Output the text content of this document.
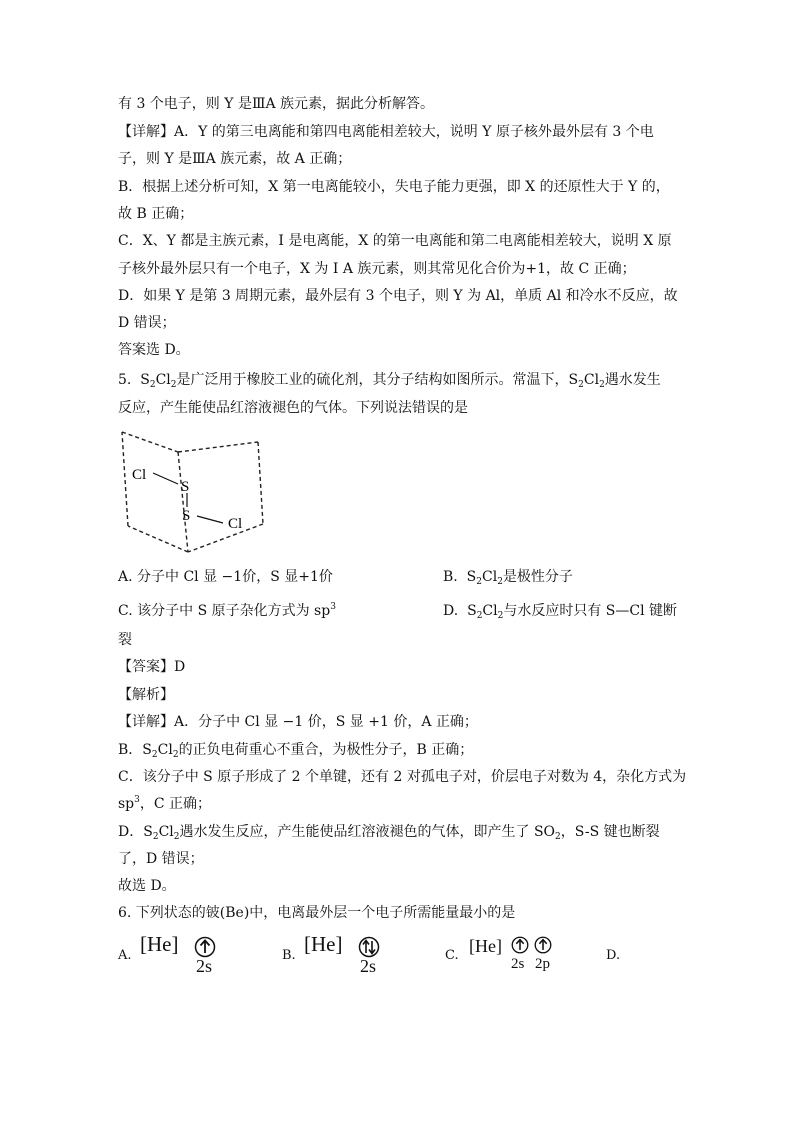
有 3 个电子，则 Y 是ⅢA 族元素，据此分析解答。
【详解】A．Y 的第三电离能和第四电离能相差较大，说明 Y 原子核外最外层有 3 个电
子，则 Y 是ⅢA 族元素，故 A 正确；
B．根据上述分析可知，X 第一电离能较小，失电子能力更强，即 X 的还原性大于 Y 的，
故 B 正确；
C．X、Y 都是主族元素，I 是电离能，X 的第一电离能和第二电离能相差较大，说明 X 原
子核外最外层只有一个电子，X 为 I A 族元素，则其常见化合价为+1，故 C 正确；
D．如果 Y 是第 3 周期元素，最外层有 3 个电子，则 Y 为 Al，单质 Al 和冷水不反应，故
D 错误；
答案选 D。
5. $S_2Cl_2$是广泛用于橡胶工业的硫化剂，其分子结构如图所示。常温下，$S_2Cl_2$遇水发生
反应，产生能使品红溶液褪色的气体。下列说法错误的是
Cl
S
S	Cl
A. 分子中 Cl 显 −1价，S 显+1价	B. $S_2Cl_2$是极性分子
C. 该分子中 S 原子杂化方式为 $sp^3$	D. $S_2Cl_2$与水反应时只有 S—Cl 键断
裂
【答案】D
【解析】
【详解】A．分子中 Cl 显 −1 价，S 显 +1 价，A 正确；
B．$S_2Cl_2$的正负电荷重心不重合，为极性分子，B 正确；
C．该分子中 S 原子形成了 2 个单键，还有 2 对孤电子对，价层电子对数为 4，杂化方式为
$sp^3$，C 正确；
D．$S_2Cl_2$遇水发生反应，产生能使品红溶液褪色的气体，即产生了 $SO_2$，S-S 键也断裂
了，D 错误；
故选 D。
6. 下列状态的铍(Be)中，电离最外层一个电子所需能量最小的是
A. [He]
2s
B. [He]
2s
C. [He]
2s 2p
D.
